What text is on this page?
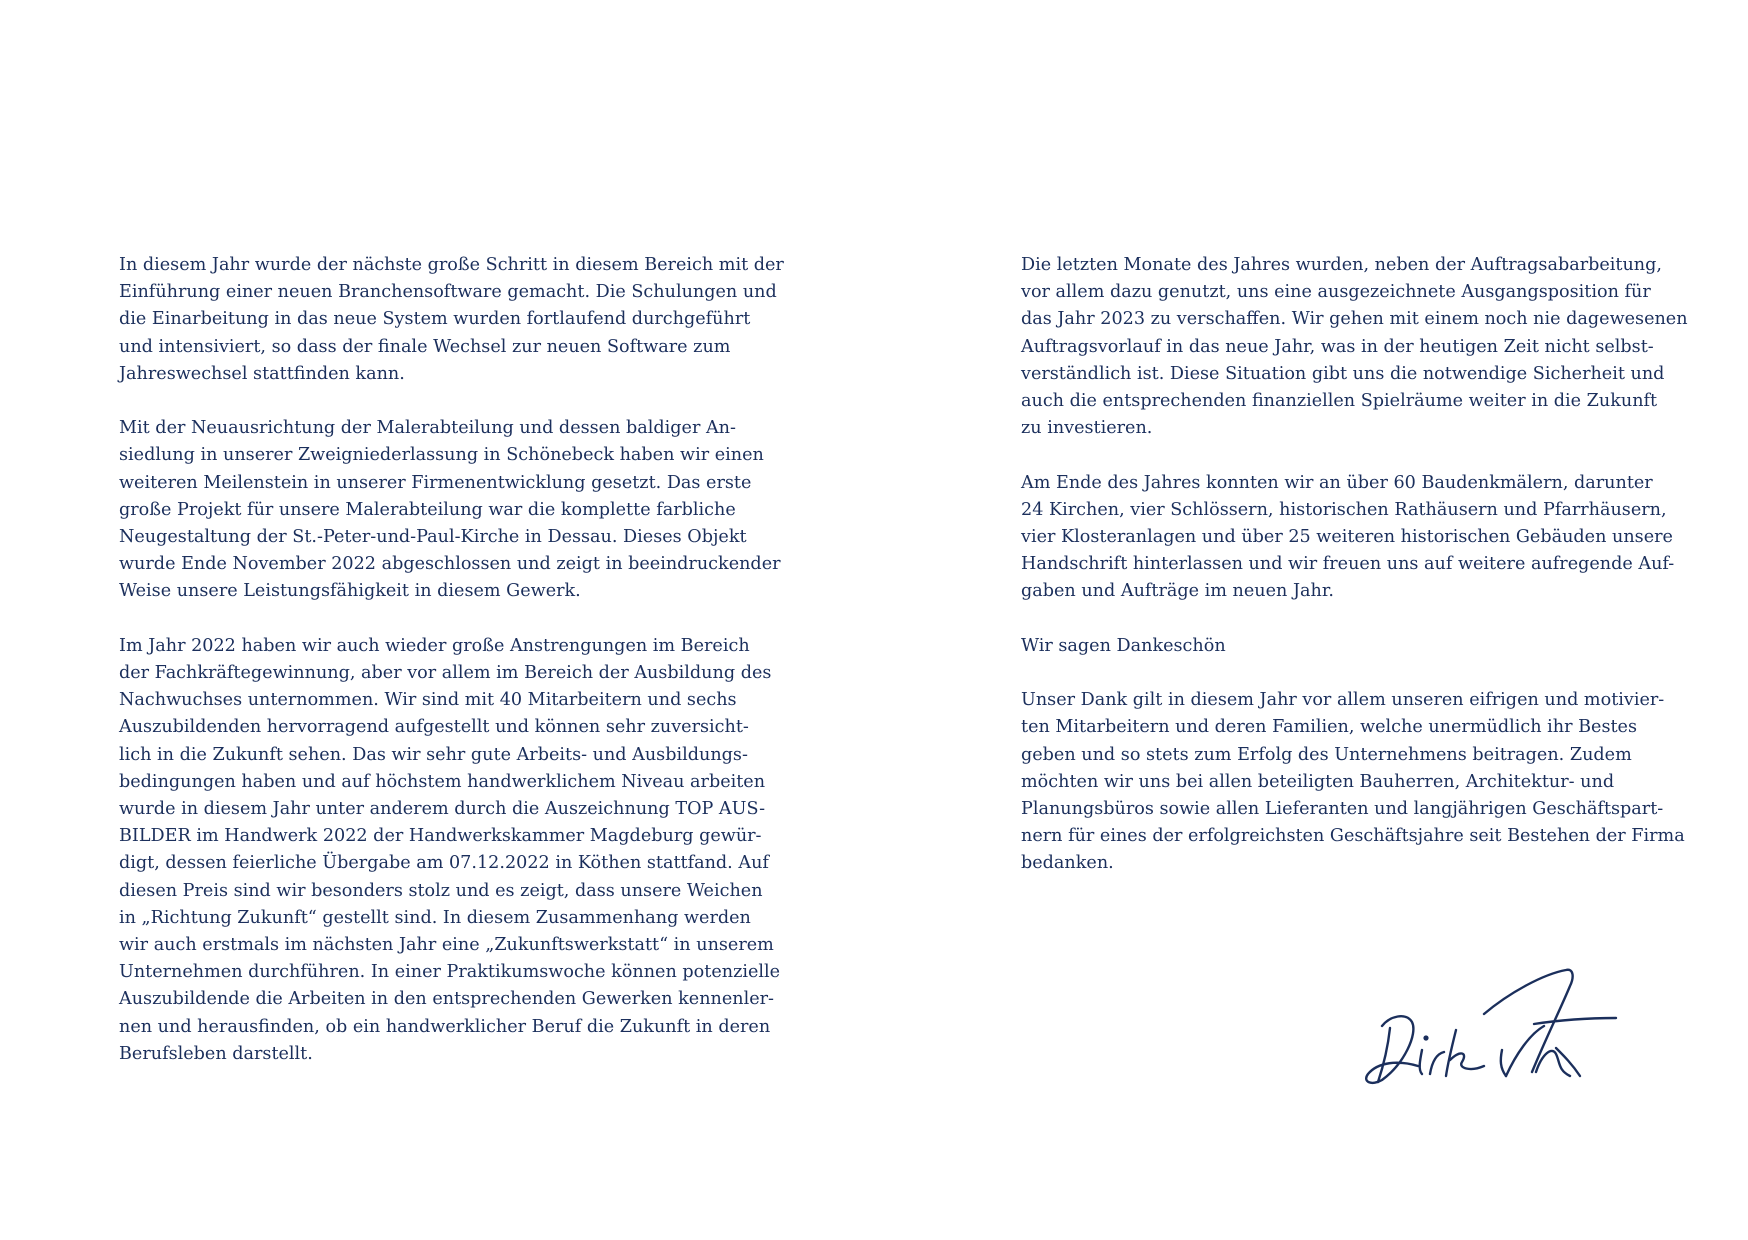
In diesem Jahr wurde der nächste große Schritt in diesem Bereich mit der
Einführung einer neuen Branchensoftware gemacht. Die Schulungen und
die Einarbeitung in das neue System wurden fortlaufend durchgeführt
und intensiviert, so dass der finale Wechsel zur neuen Software zum
Jahreswechsel stattfinden kann.

Mit der Neuausrichtung der Malerabteilung und dessen baldiger An-
siedlung in unserer Zweigniederlassung in Schönebeck haben wir einen
weiteren Meilenstein in unserer Firmenentwicklung gesetzt. Das erste
große Projekt für unsere Malerabteilung war die komplette farbliche
Neugestaltung der St.-Peter-und-Paul-Kirche in Dessau. Dieses Objekt
wurde Ende November 2022 abgeschlossen und zeigt in beeindruckender
Weise unsere Leistungsfähigkeit in diesem Gewerk.

Im Jahr 2022 haben wir auch wieder große Anstrengungen im Bereich
der Fachkräftegewinnung, aber vor allem im Bereich der Ausbildung des
Nachwuchses unternommen. Wir sind mit 40 Mitarbeitern und sechs
Auszubildenden hervorragend aufgestellt und können sehr zuversicht-
lich in die Zukunft sehen. Das wir sehr gute Arbeits- und Ausbildungs-
bedingungen haben und auf höchstem handwerklichem Niveau arbeiten
wurde in diesem Jahr unter anderem durch die Auszeichnung TOP AUS-
BILDER im Handwerk 2022 der Handwerkskammer Magdeburg gewür-
digt, dessen feierliche Übergabe am 07.12.2022 in Köthen stattfand. Auf
diesen Preis sind wir besonders stolz und es zeigt, dass unsere Weichen
in „Richtung Zukunft“ gestellt sind. In diesem Zusammenhang werden
wir auch erstmals im nächsten Jahr eine „Zukunftswerkstatt“ in unserem
Unternehmen durchführen. In einer Praktikumswoche können potenzielle
Auszubildende die Arbeiten in den entsprechenden Gewerken kennenler-
nen und herausfinden, ob ein handwerklicher Beruf die Zukunft in deren
Berufsleben darstellt.

Die letzten Monate des Jahres wurden, neben der Auftragsabarbeitung,
vor allem dazu genutzt, uns eine ausgezeichnete Ausgangsposition für
das Jahr 2023 zu verschaffen. Wir gehen mit einem noch nie dagewesenen
Auftragsvorlauf in das neue Jahr, was in der heutigen Zeit nicht selbst-
verständlich ist. Diese Situation gibt uns die notwendige Sicherheit und
auch die entsprechenden finanziellen Spielräume weiter in die Zukunft
zu investieren.

Am Ende des Jahres konnten wir an über 60 Baudenkmälern, darunter
24 Kirchen, vier Schlössern, historischen Rathäusern und Pfarrhäusern,
vier Klosteranlagen und über 25 weiteren historischen Gebäuden unsere
Handschrift hinterlassen und wir freuen uns auf weitere aufregende Auf-
gaben und Aufträge im neuen Jahr.

Wir sagen Dankeschön

Unser Dank gilt in diesem Jahr vor allem unseren eifrigen und motivier-
ten Mitarbeitern und deren Familien, welche unermüdlich ihr Bestes
geben und so stets zum Erfolg des Unternehmens beitragen. Zudem
möchten wir uns bei allen beteiligten Bauherren, Architektur- und
Planungsbüros sowie allen Lieferanten und langjährigen Geschäftspart-
nern für eines der erfolgreichsten Geschäftsjahre seit Bestehen der Firma
bedanken.
